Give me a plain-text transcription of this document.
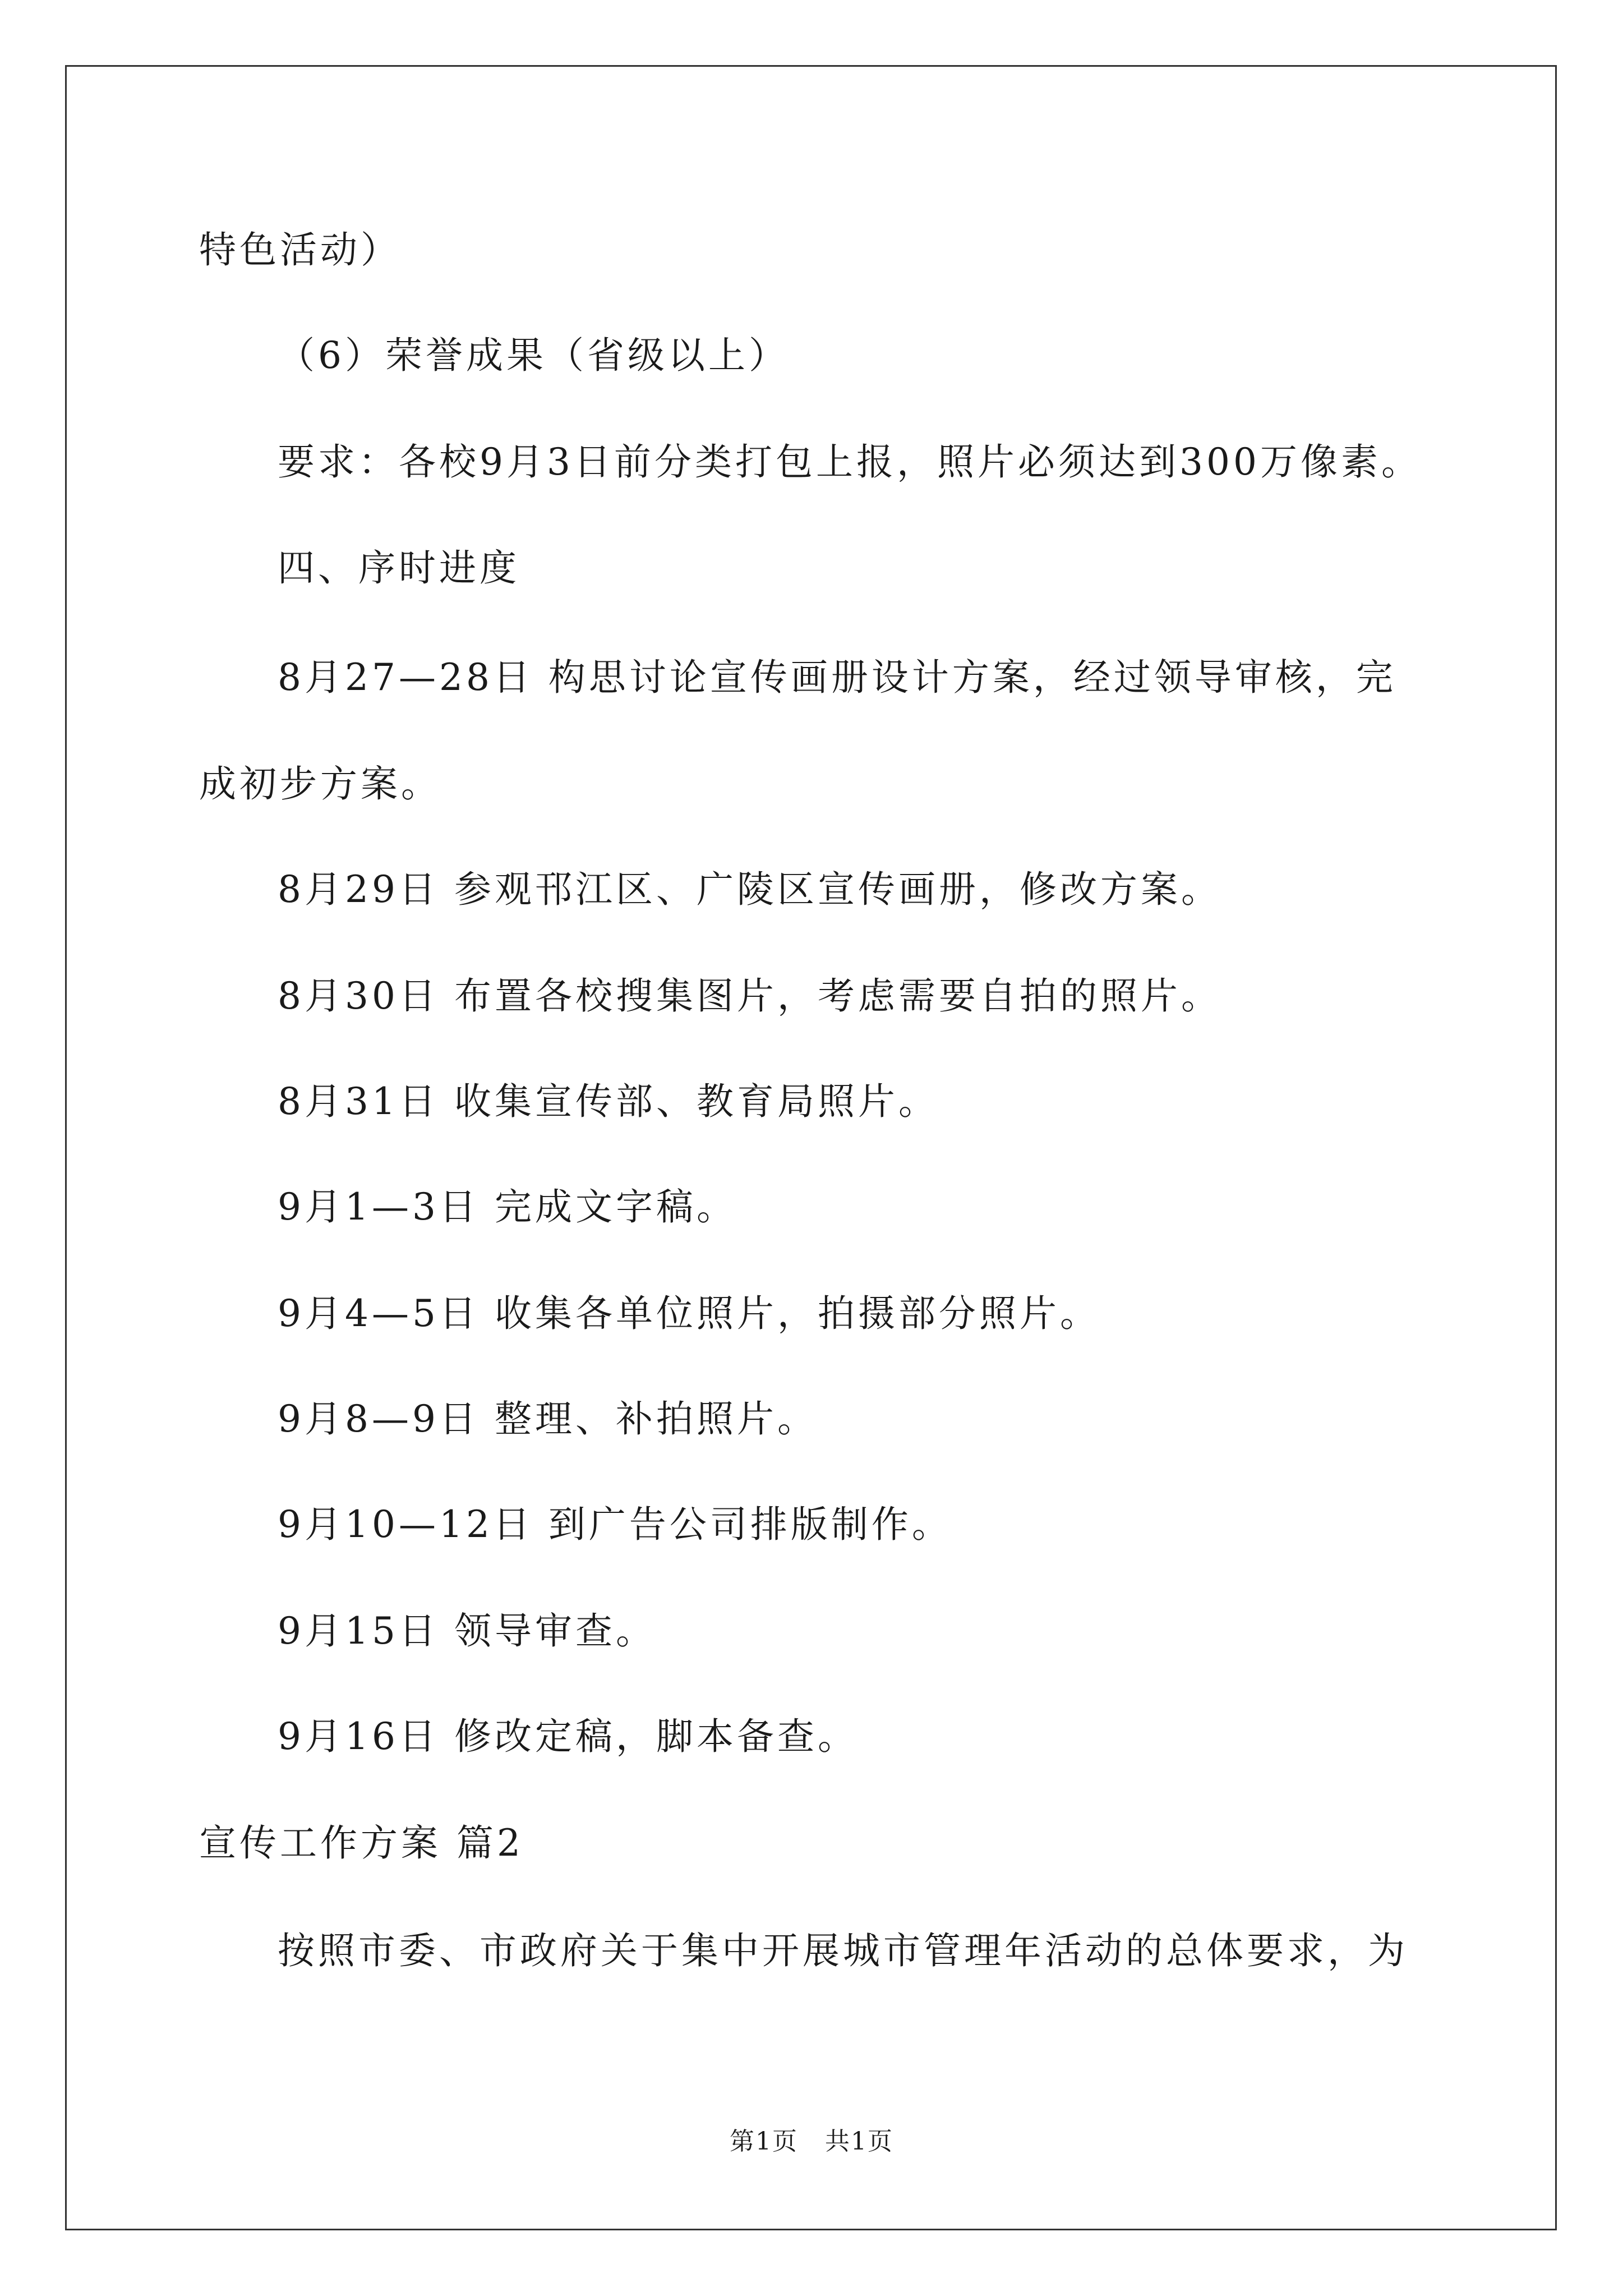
特色活动）
（6）荣誉成果（省级以上）
要求：各校9月3日前分类打包上报，照片必须达到300万像素。
四、序时进度
8月27—28日 构思讨论宣传画册设计方案，经过领导审核，完
成初步方案。
8月29日 参观邗江区、广陵区宣传画册，修改方案。
8月30日 布置各校搜集图片，考虑需要自拍的照片。
8月31日 收集宣传部、教育局照片。
9月1—3日 完成文字稿。
9月4—5日 收集各单位照片，拍摄部分照片。
9月8—9日 整理、补拍照片。
9月10—12日 到广告公司排版制作。
9月15日 领导审查。
9月16日 修改定稿，脚本备查。
宣传工作方案 篇2
按照市委、市政府关于集中开展城市管理年活动的总体要求，为
第1页 共1页
